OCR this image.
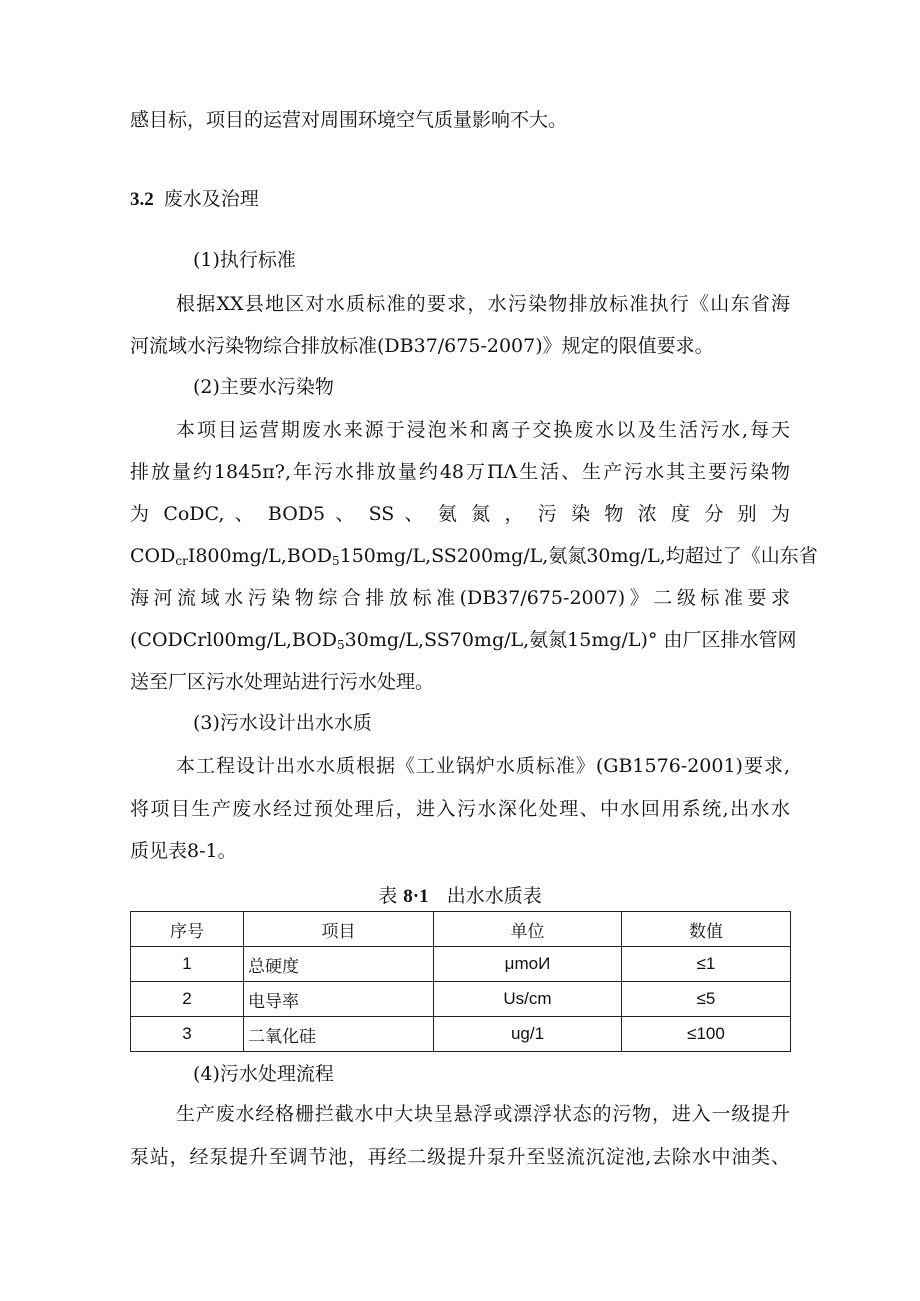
感目标，项目的运营对周围环境空气质量影响不大。
3.2 废水及治理
(1)执行标准
根据XX县地区对水质标准的要求，水污染物排放标准执行《山东省海
河流域水污染物综合排放标准(DB37/675-2007)》规定的限值要求。
(2)主要水污染物
本项目运营期废水来源于浸泡米和离子交换废水以及生活污水,每天
排放量约1845π?,年污水排放量约48万ΠΛ生活、生产污水其主要污染物
为 CoDC, 、 BOD5 、 SS 、 氨 氮 ， 污 染 物 浓 度 分 别 为
$COD_{cr}I800mg/L,BOD_5150mg/L,SS200mg/L$,氨氮30mg/L,均超过了《山东省
海河流域水污染物综合排放标准(DB37/675-2007)》二级标准要求
($CODCrl00mg/L,BOD_530mg/L,SS70mg/L$,氨氮15mg/L)° 由厂区排水管网
送至厂区污水处理站进行污水处理。
(3)污水设计出水水质
本工程设计出水水质根据《工业锅炉水质标准》(GB1576-2001)要求,
将项目生产废水经过预处理后，进入污水深化处理、中水回用系统,出水水
质见表8-1。
表 8·1 出水水质表
序号	项目	单位	数值
1	总硬度	μmoИ	≤1
2	电导率	Us/cm	≤5
3	二氧化硅	ug/1	≤100
(4)污水处理流程
生产废水经格栅拦截水中大块呈悬浮或漂浮状态的污物，进入一级提升
泵站，经泵提升至调节池，再经二级提升泵升至竖流沉淀池,去除水中油类、
